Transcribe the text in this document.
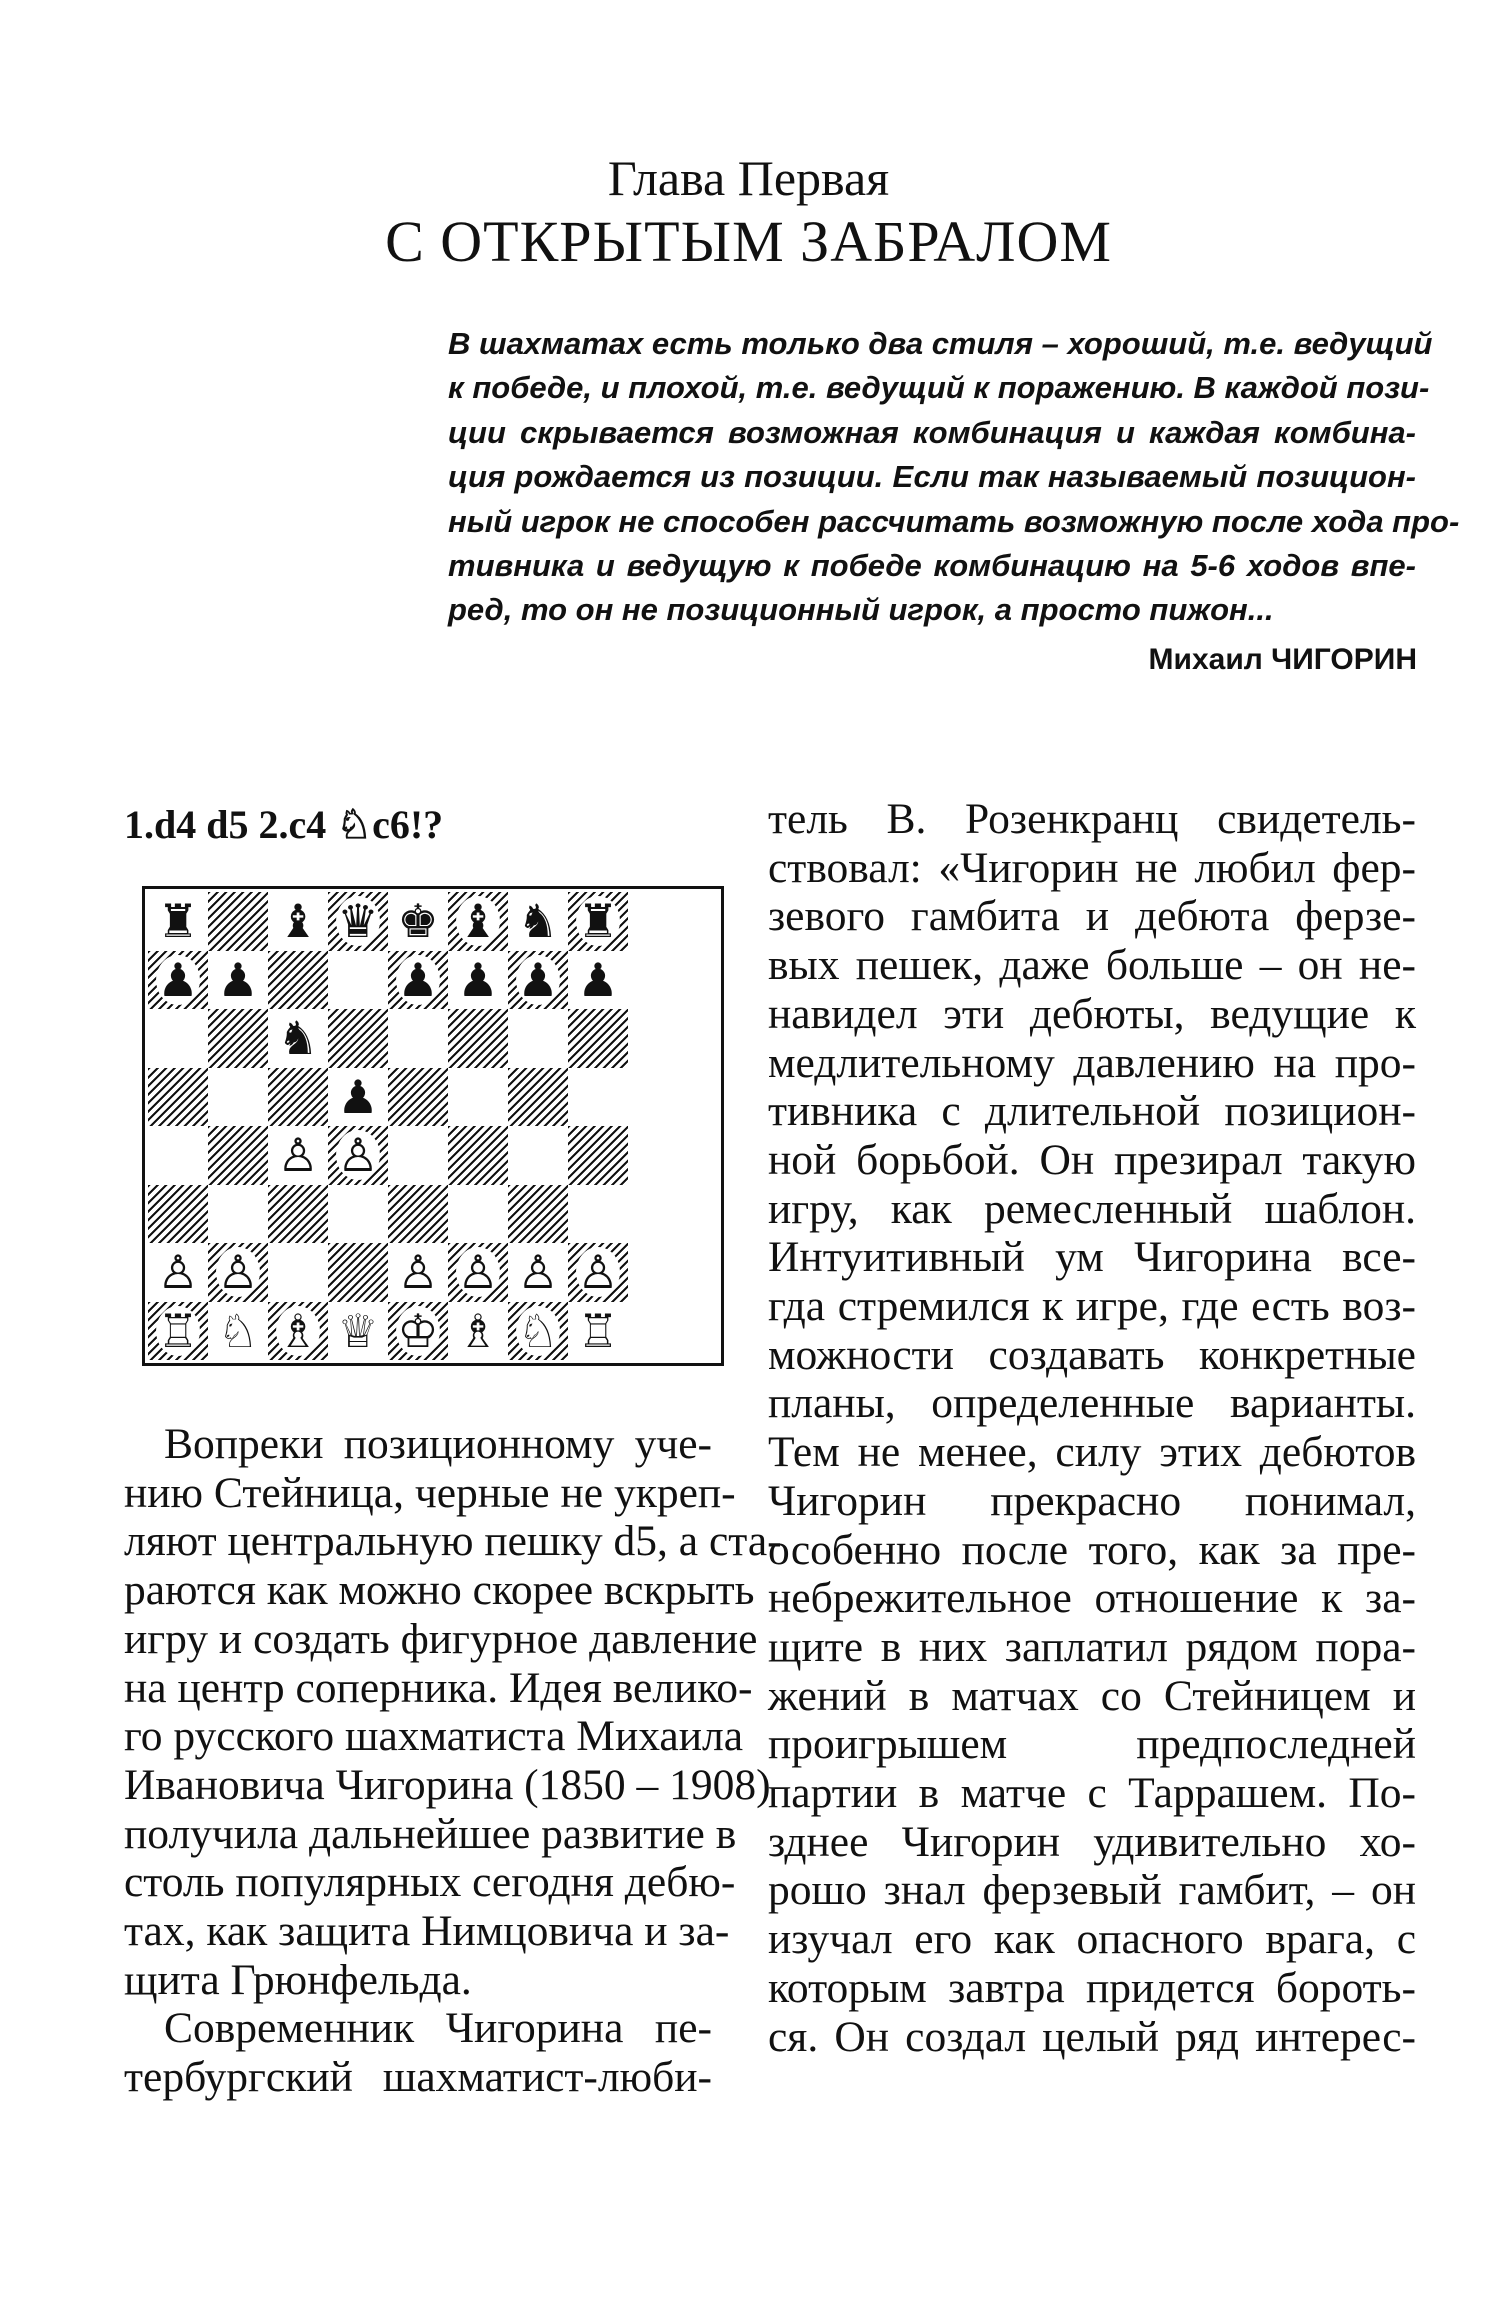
Глава Первая
С ОТКРЫТЫМ ЗАБРАЛОМ
В шахматах есть только два стиля – хороший, т.е. ведущий
к победе, и плохой, т.е. ведущий к поражению. В каждой пози-
ции скрывается возможная комбинация и каждая комбина-
ция рождается из позиции. Если так называемый позицион-
ный игрок не способен рассчитать возможную после хода про-
тивника и ведущую к победе комбинацию на 5-6 ходов впе-
ред, то он не позиционный игрок, а просто пижон...
Михаил ЧИГОРИН
1.d4 d5 2.c4 ♘c6!?
♜ ♝ ♛ ♚ ♝ ♞ ♜
♟ ♟	♟ ♟ ♟ ♟
♞
♟
♙ ♙
♙ ♙	♙ ♙ ♙ ♙
♖ ♘ ♗ ♕ ♔ ♗ ♘ ♖
Вопреки позиционному уче-
нию Стейница, черные не укреп-
ляют центральную пешку d5, а ста-
раются как можно скорее вскрыть
игру и создать фигурное давление
на центр соперника. Идея велико-
го русского шахматиста Михаила
Ивановича Чигорина (1850 – 1908)
получила дальнейшее развитие в
столь популярных сегодня дебю-
тах, как защита Нимцовича и за-
щита Грюнфельда.
Современник Чигорина пе-
тербургский шахматист-люби-
тель В. Розенкранц свидетель-
ствовал: «Чигорин не любил фер-
зевого гамбита и дебюта ферзе-
вых пешек, даже больше – он не-
навидел эти дебюты, ведущие к
медлительному давлению на про-
тивника с длительной позицион-
ной борьбой. Он презирал такую
игру, как ремесленный шаблон.
Интуитивный ум Чигорина все-
гда стремился к игре, где есть воз-
можности создавать конкретные
планы, определенные варианты.
Тем не менее, силу этих дебютов
Чигорин прекрасно понимал,
особенно после того, как за пре-
небрежительное отношение к за-
щите в них заплатил рядом пора-
жений в матчах со Стейницем и
проигрышем предпоследней
партии в матче с Таррашем. По-
зднее Чигорин удивительно хо-
рошо знал ферзевый гамбит, – он
изучал его как опасного врага, с
которым завтра придется бороть-
ся. Он создал целый ряд интерес-
